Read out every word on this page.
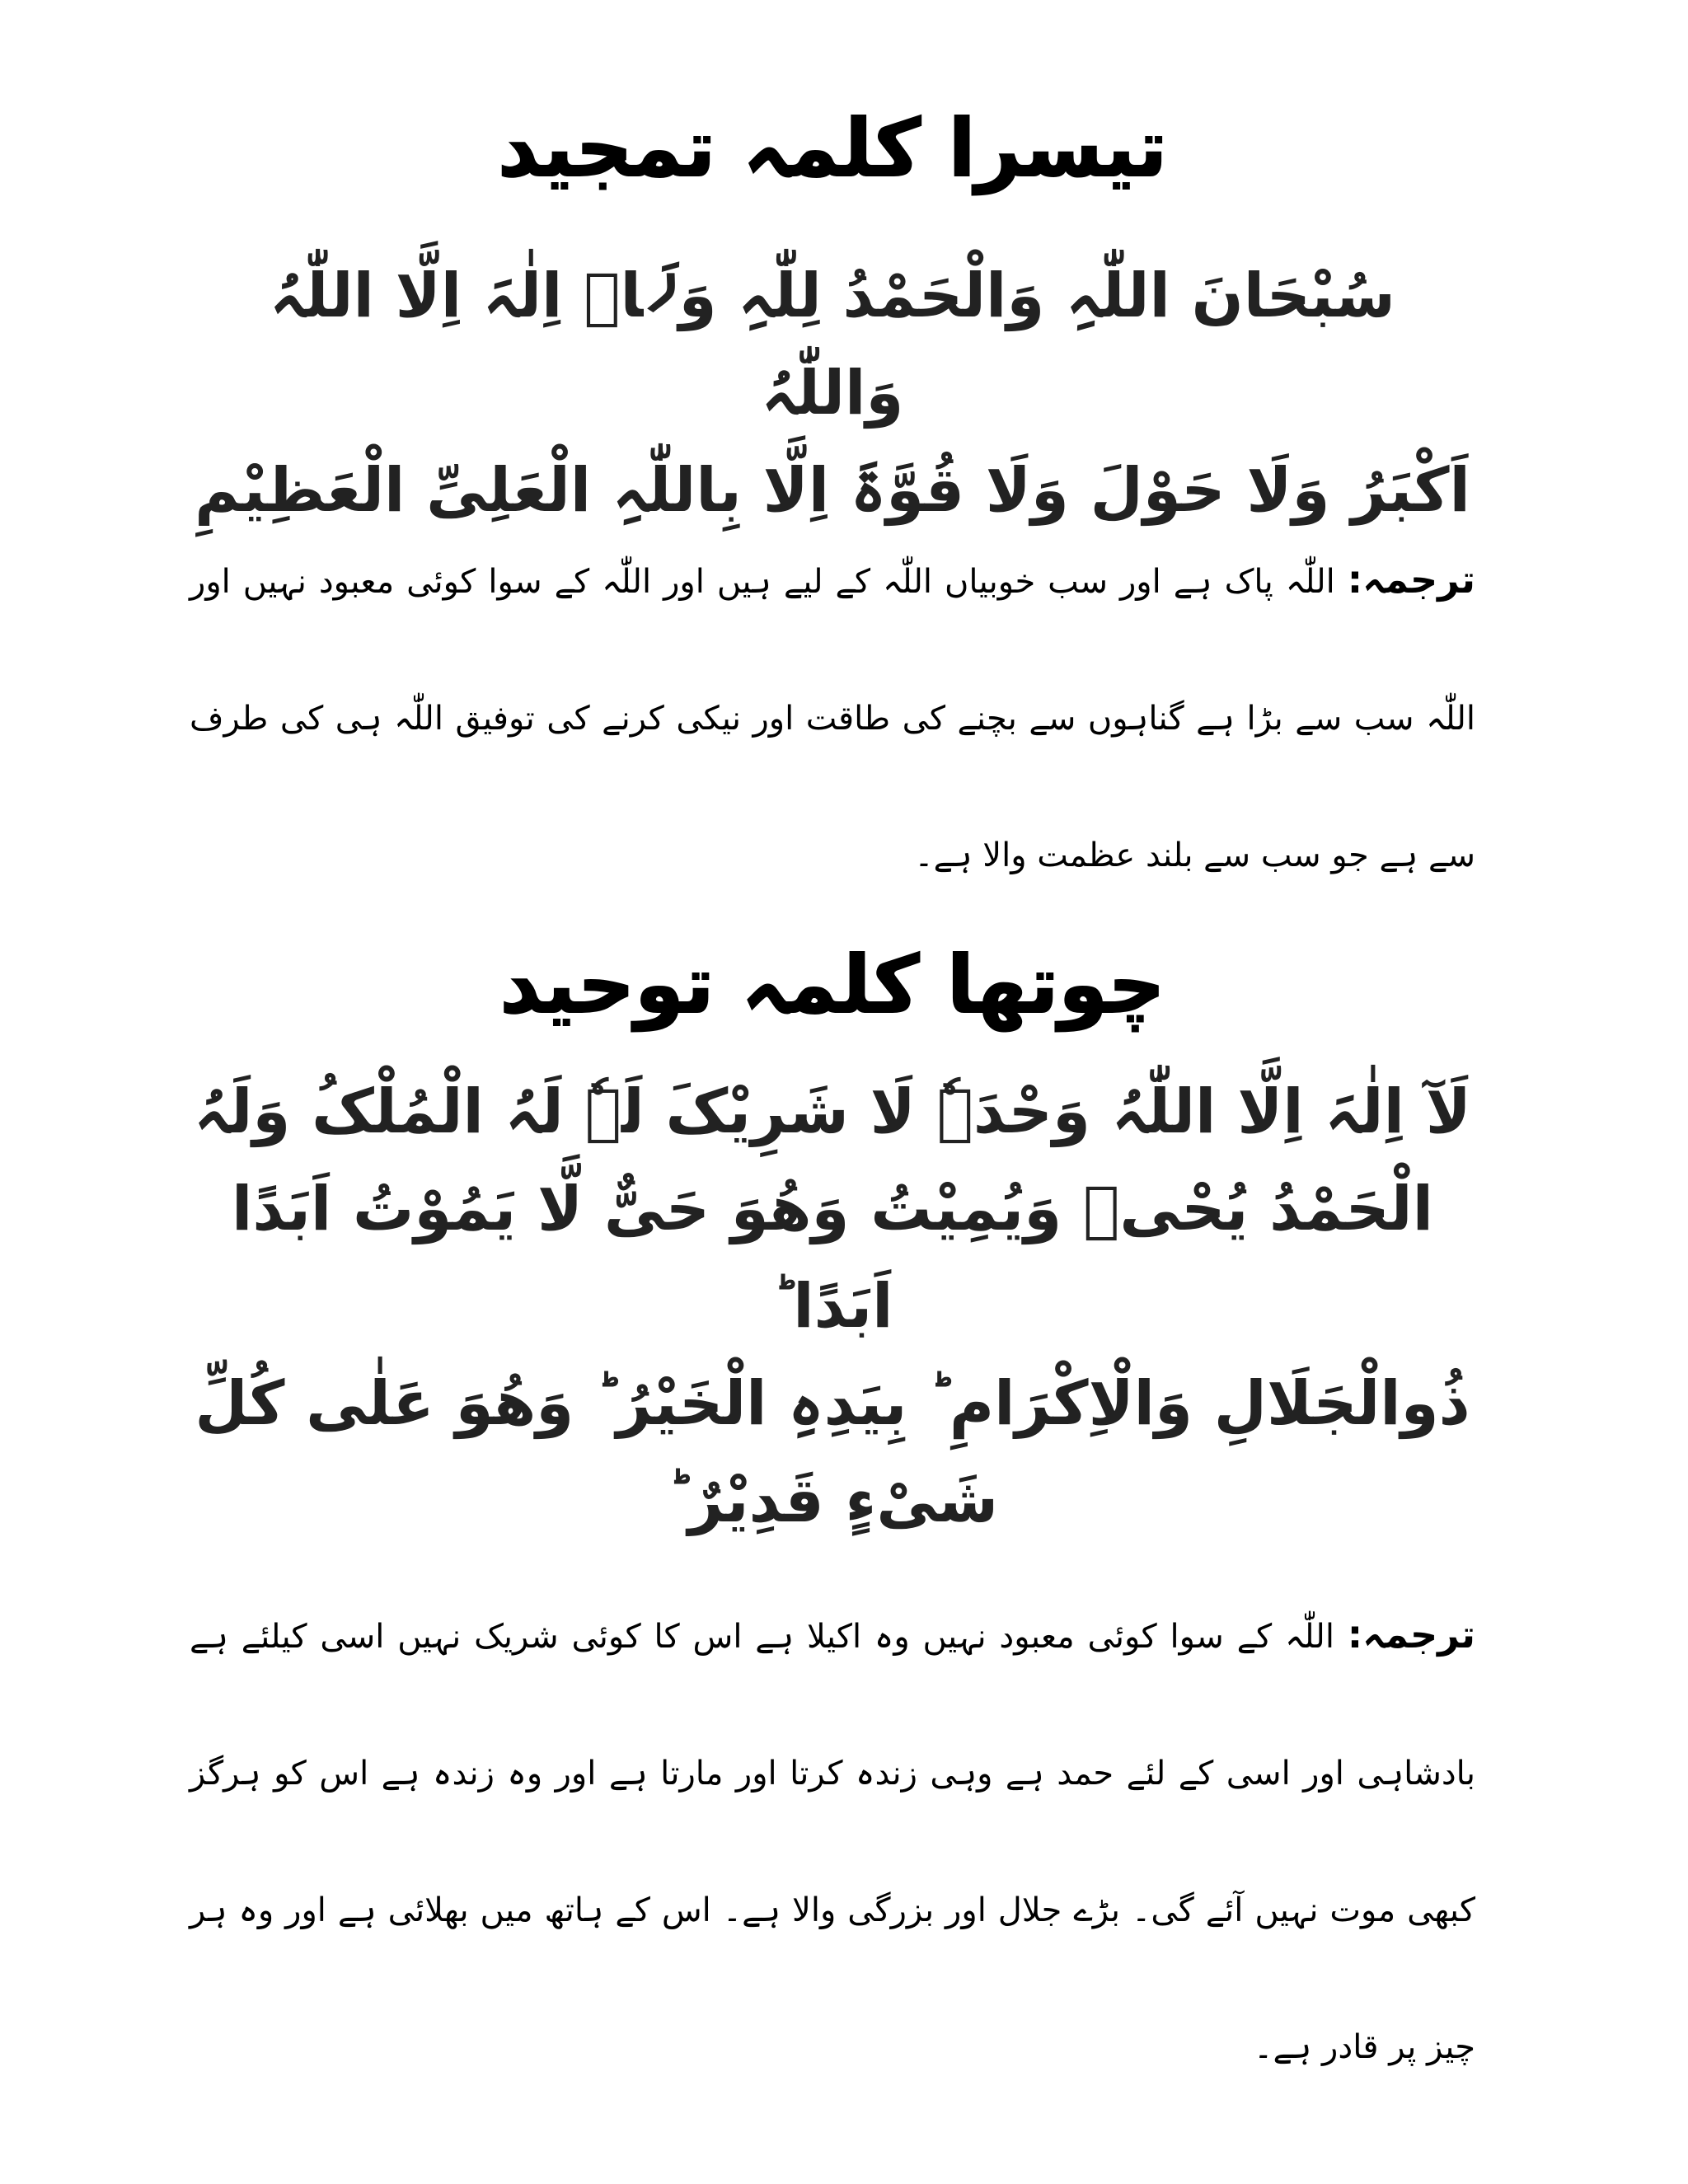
تیسرا کلمہ تمجید

سُبْحَانَ اللّٰہِ وَالْحَمْدُ لِلّٰہِ وَلَاۤ اِلٰہَ اِلَّا اللّٰہُ وَاللّٰہُ
اَکْبَرُ وَلَا حَوْلَ وَلَا قُوَّۃَ اِلَّا بِاللّٰہِ الْعَلِیِّ الْعَظِیْمِ

ترجمہ: اللّٰہ پاک ہے اور سب خوبیاں اللّٰہ کے لیے ہیں اور اللّٰہ کے سوا کوئی معبود نہیں اور اللّٰہ سب سے بڑا ہے گناہوں سے بچنے کی طاقت اور نیکی کرنے کی توفیق اللّٰہ ہی کی طرف سے ہے جو سب سے بلند عظمت والا ہے۔

چوتھا کلمہ توحید

لَآ اِلٰہَ اِلَّا اللّٰہُ وَحْدَہٗ لَا شَرِیْکَ لَہٗ لَہُ الْمُلْکُ وَلَہُ
الْحَمْدُ یُحْیٖ وَیُمِیْتُ وَھُوَ حَیٌّ لَّا یَمُوْتُ اَبَدًا اَبَدًا ؕ
ذُوالْجَلَالِ وَالْاِکْرَامِ ؕ بِیَدِہِ الْخَیْرُ ؕ وَھُوَ عَلٰی کُلِّ
شَیْءٍ قَدِیْرٌ ؕ

ترجمہ: اللّٰہ کے سوا کوئی معبود نہیں وہ اکیلا ہے اس کا کوئی شریک نہیں اسی کیلئے ہے بادشاہی اور اسی کے لئے حمد ہے وہی زندہ کرتا اور مارتا ہے اور وہ زندہ ہے اس کو ہرگز کبھی موت نہیں آئے گی۔ بڑے جلال اور بزرگی والا ہے۔ اس کے ہاتھ میں بھلائی ہے اور وہ ہر چیز پر قادر ہے۔
